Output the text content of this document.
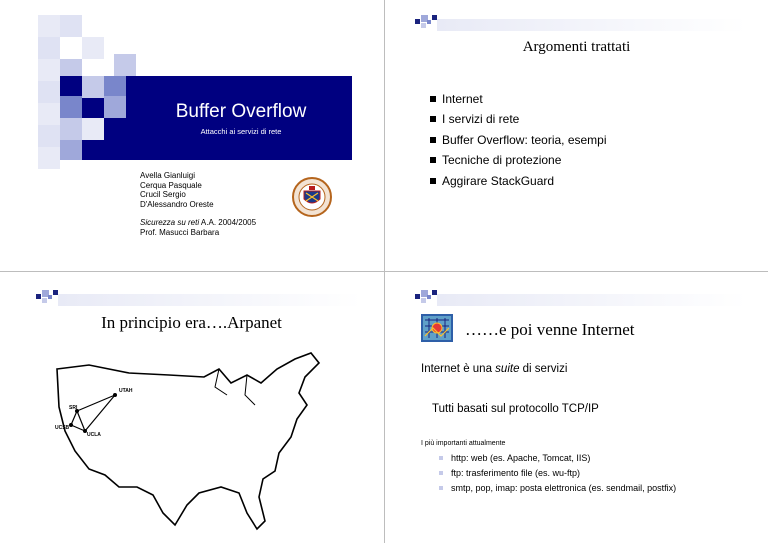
Buffer Overflow
Attacchi ai servizi di rete
Avella Gianluigi
Cerqua Pasquale
Crucil Sergio
D'Alessandro Oreste
Sicurezza su reti A.A. 2004/2005
Prof. Masucci Barbara
Argomenti trattati
Internet
I servizi di rete
Buffer Overflow: teoria, esempi
Tecniche di protezione
Aggirare StackGuard
In principio era….Arpanet
UTAH
SRI
UCSB
UCLA
……e poi venne Internet
Internet è una suite di servizi
Tutti basati sul protocollo TCP/IP
I più importanti attualmente
http: web (es. Apache, Tomcat, IIS)
ftp: trasferimento file (es. wu-ftp)
smtp, pop, imap: posta elettronica (es. sendmail, postfix)
